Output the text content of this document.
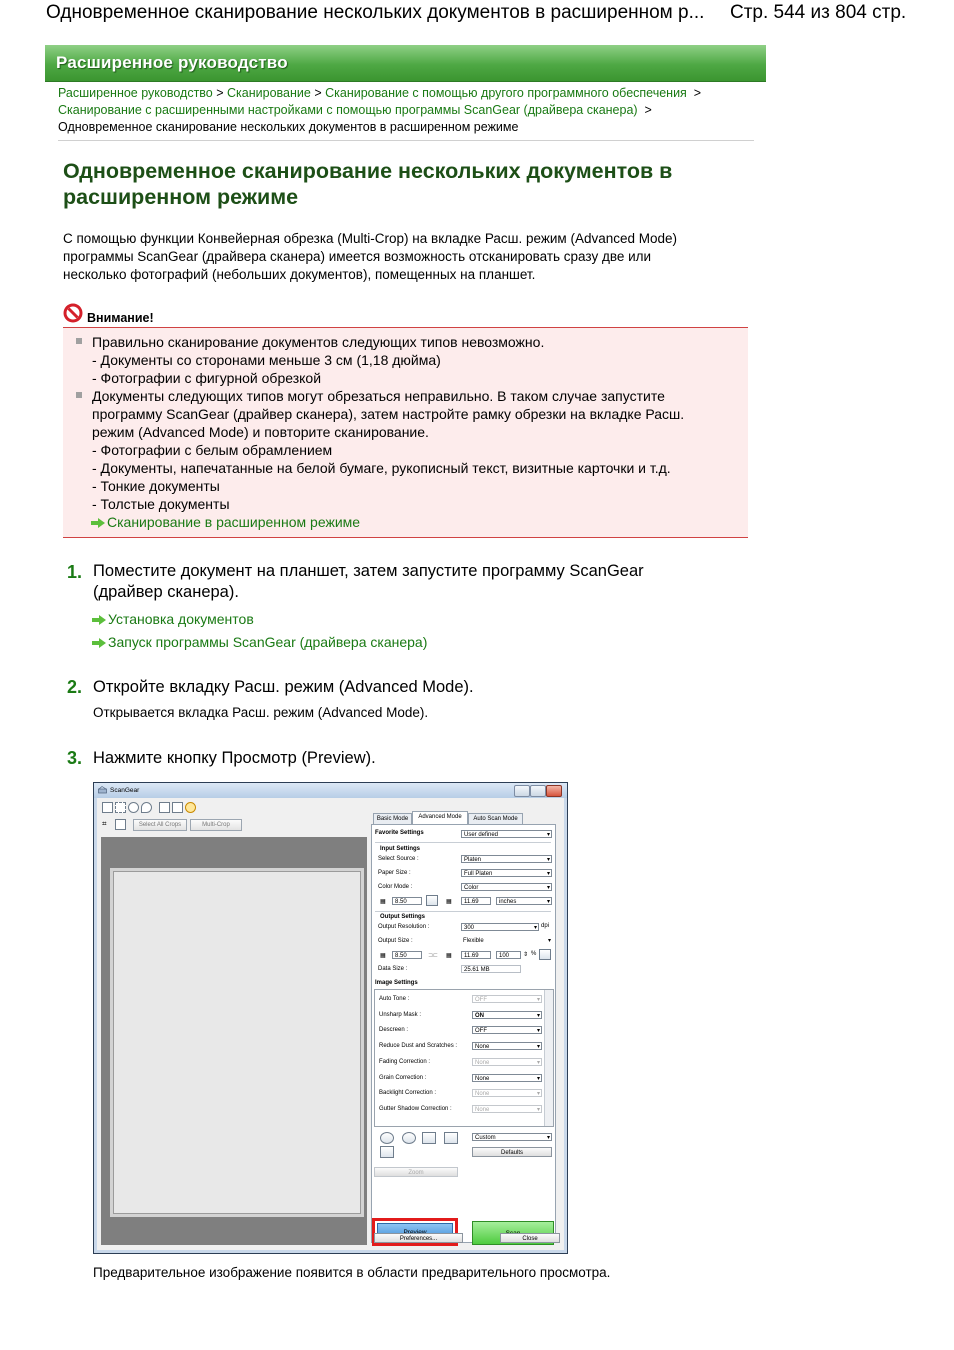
Одновременное сканирование нескольких документов в расширенном р... Стр. 544 из 804 стр.
Расширенное руководство
Расширенное руководство > Сканирование > Сканирование с помощью другого программного обеспечения >
Сканирование с расширенными настройками с помощью программы ScanGear (драйвера сканера) >
Одновременное сканирование нескольких документов в расширенном режиме
Одновременное сканирование нескольких документов в
расширенном режиме
С помощью функции Конвейерная обрезка (Multi-Crop) на вкладке Расш. режим (Advanced Mode)
программы ScanGear (драйвера сканера) имеется возможность отсканировать сразу две или
несколько фотографий (небольших документов), помещенных на планшет.
Внимание!
Правильно сканирование документов следующих типов невозможно.
- Документы со сторонами меньше 3 см (1,18 дюйма)
- Фотографии с фигурной обрезкой
Документы следующих типов могут обрезаться неправильно. В таком случае запустите
программу ScanGear (драйвер сканера), затем настройте рамку обрезки на вкладке Расш.
режим (Advanced Mode) и повторите сканирование.
- Фотографии с белым обрамлением
- Документы, напечатанные на белой бумаге, рукописный текст, визитные карточки и т.д.
- Тонкие документы
- Толстые документы
Сканирование в расширенном режиме
1. Поместите документ на планшет, затем запустите программу ScanGear
(драйвер сканера).
Установка документов
Запуск программы ScanGear (драйвера сканера)
2. Откройте вкладку Расш. режим (Advanced Mode).
Открывается вкладка Расш. режим (Advanced Mode).
3. Нажмите кнопку Просмотр (Preview).
ScanGear
⌗	Select All Crops	Multi-Crop
Basic Mode	Advanced Mode	Auto Scan Mode
Favorite Settings	User defined ▾
Input Settings
Select Source :	Platen ▾
Paper Size :	Full Platen ▾
Color Mode :	Color ▾
▦	8.50	▦	11.69	inches ▾
Output Settings
Output Resolution :	300 ▾	dpi
Output Size :	Flexible	▾
▦	8.50	⊐⊏ ▦	11.69	100	⇕ %
Data Size :	25.61 MB
Image Settings
Auto Tone :	OFF ▾
Unsharp Mask :	ON ▾
Descreen :	OFF ▾
Reduce Dust and Scratches :	None ▾
Fading Correction :	None ▾
Grain Correction :	None ▾
Backlight Correction :	None ▾
Gutter Shadow Correction :	None ▾
Custom ▾
Defaults
Zoom
Preferences...	Close
Предварительное изображение появится в области предварительного просмотра.
